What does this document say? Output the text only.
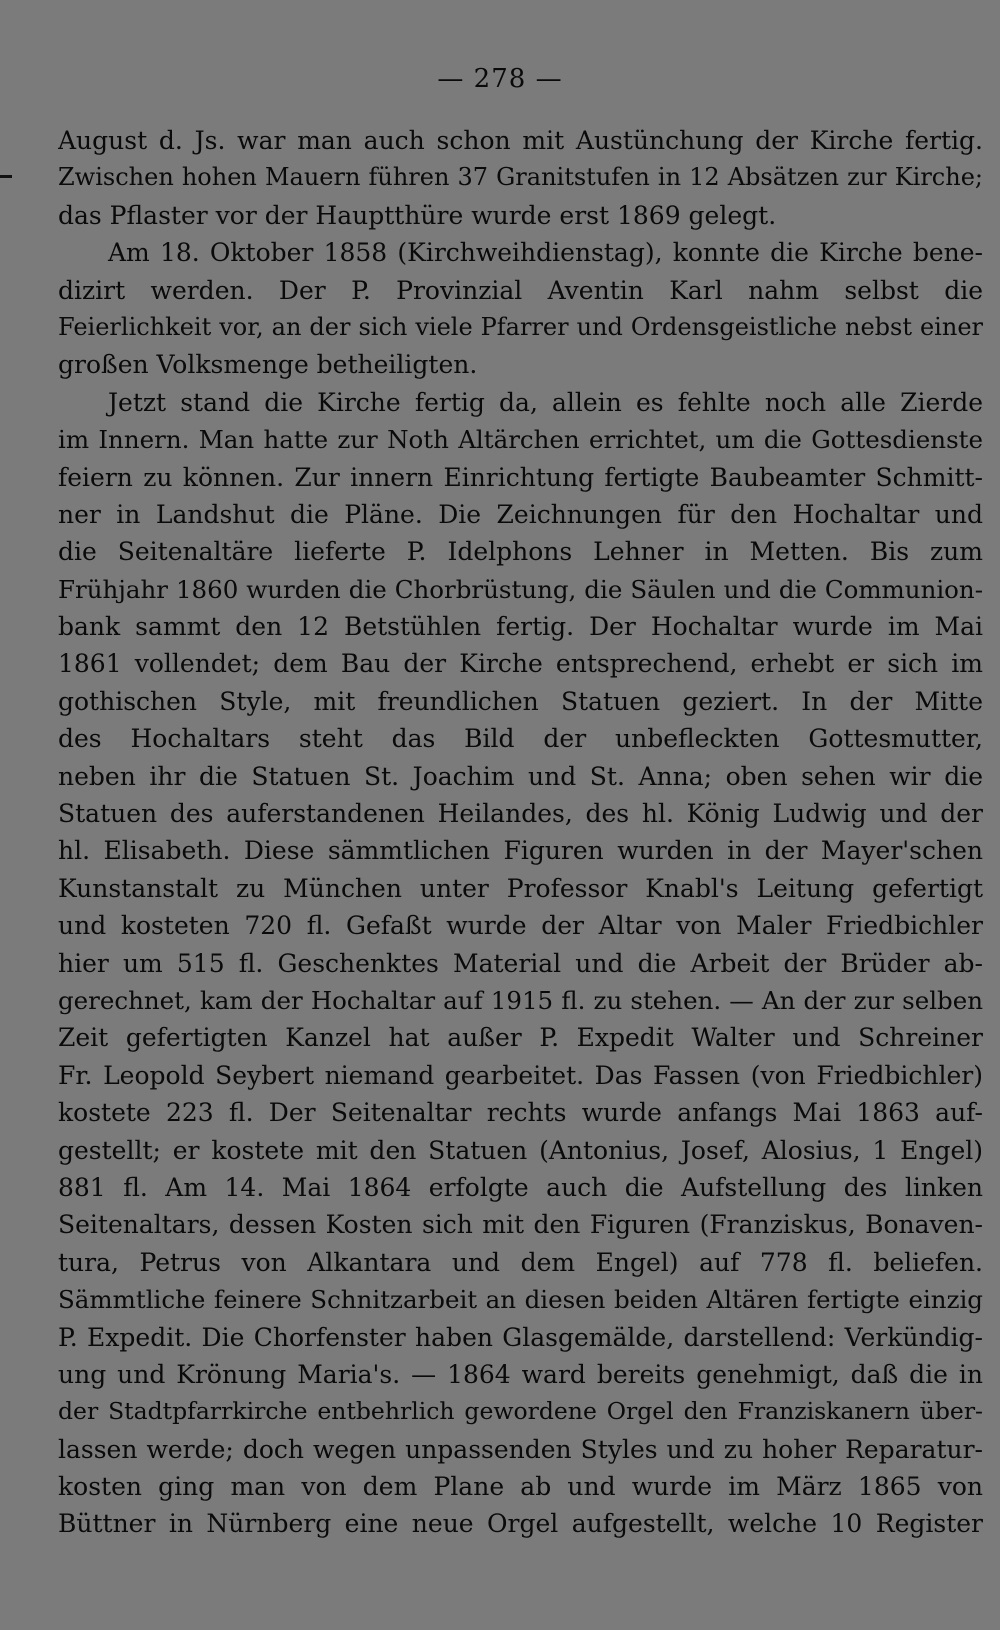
— 278 —
August d. Js. war man auch schon mit Austünchung der Kirche fertig.
Zwischen hohen Mauern führen 37 Granitstufen in 12 Absätzen zur Kirche;
das Pflaster vor der Hauptthüre wurde erst 1869 gelegt.
Am 18. Oktober 1858 (Kirchweihdienstag), konnte die Kirche bene-
dizirt werden. Der P. Provinzial Aventin Karl nahm selbst die
Feierlichkeit vor, an der sich viele Pfarrer und Ordensgeistliche nebst einer
großen Volksmenge betheiligten.
Jetzt stand die Kirche fertig da, allein es fehlte noch alle Zierde
im Innern. Man hatte zur Noth Altärchen errichtet, um die Gottesdienste
feiern zu können. Zur innern Einrichtung fertigte Baubeamter Schmitt-
ner in Landshut die Pläne. Die Zeichnungen für den Hochaltar und
die Seitenaltäre lieferte P. Idelphons Lehner in Metten. Bis zum
Frühjahr 1860 wurden die Chorbrüstung, die Säulen und die Communion-
bank sammt den 12 Betstühlen fertig. Der Hochaltar wurde im Mai
1861 vollendet; dem Bau der Kirche entsprechend, erhebt er sich im
gothischen Style, mit freundlichen Statuen geziert. In der Mitte
des Hochaltars steht das Bild der unbefleckten Gottesmutter,
neben ihr die Statuen St. Joachim und St. Anna; oben sehen wir die
Statuen des auferstandenen Heilandes, des hl. König Ludwig und der
hl. Elisabeth. Diese sämmtlichen Figuren wurden in der Mayer'schen
Kunstanstalt zu München unter Professor Knabl's Leitung gefertigt
und kosteten 720 fl. Gefaßt wurde der Altar von Maler Friedbichler
hier um 515 fl. Geschenktes Material und die Arbeit der Brüder ab-
gerechnet, kam der Hochaltar auf 1915 fl. zu stehen. — An der zur selben
Zeit gefertigten Kanzel hat außer P. Expedit Walter und Schreiner
Fr. Leopold Seybert niemand gearbeitet. Das Fassen (von Friedbichler)
kostete 223 fl. Der Seitenaltar rechts wurde anfangs Mai 1863 auf-
gestellt; er kostete mit den Statuen (Antonius, Josef, Alosius, 1 Engel)
881 fl. Am 14. Mai 1864 erfolgte auch die Aufstellung des linken
Seitenaltars, dessen Kosten sich mit den Figuren (Franziskus, Bonaven-
tura, Petrus von Alkantara und dem Engel) auf 778 fl. beliefen.
Sämmtliche feinere Schnitzarbeit an diesen beiden Altären fertigte einzig
P. Expedit. Die Chorfenster haben Glasgemälde, darstellend: Verkündig-
ung und Krönung Maria's. — 1864 ward bereits genehmigt, daß die in
der Stadtpfarrkirche entbehrlich gewordene Orgel den Franziskanern über-
lassen werde; doch wegen unpassenden Styles und zu hoher Reparatur-
kosten ging man von dem Plane ab und wurde im März 1865 von
Büttner in Nürnberg eine neue Orgel aufgestellt, welche 10 Register
